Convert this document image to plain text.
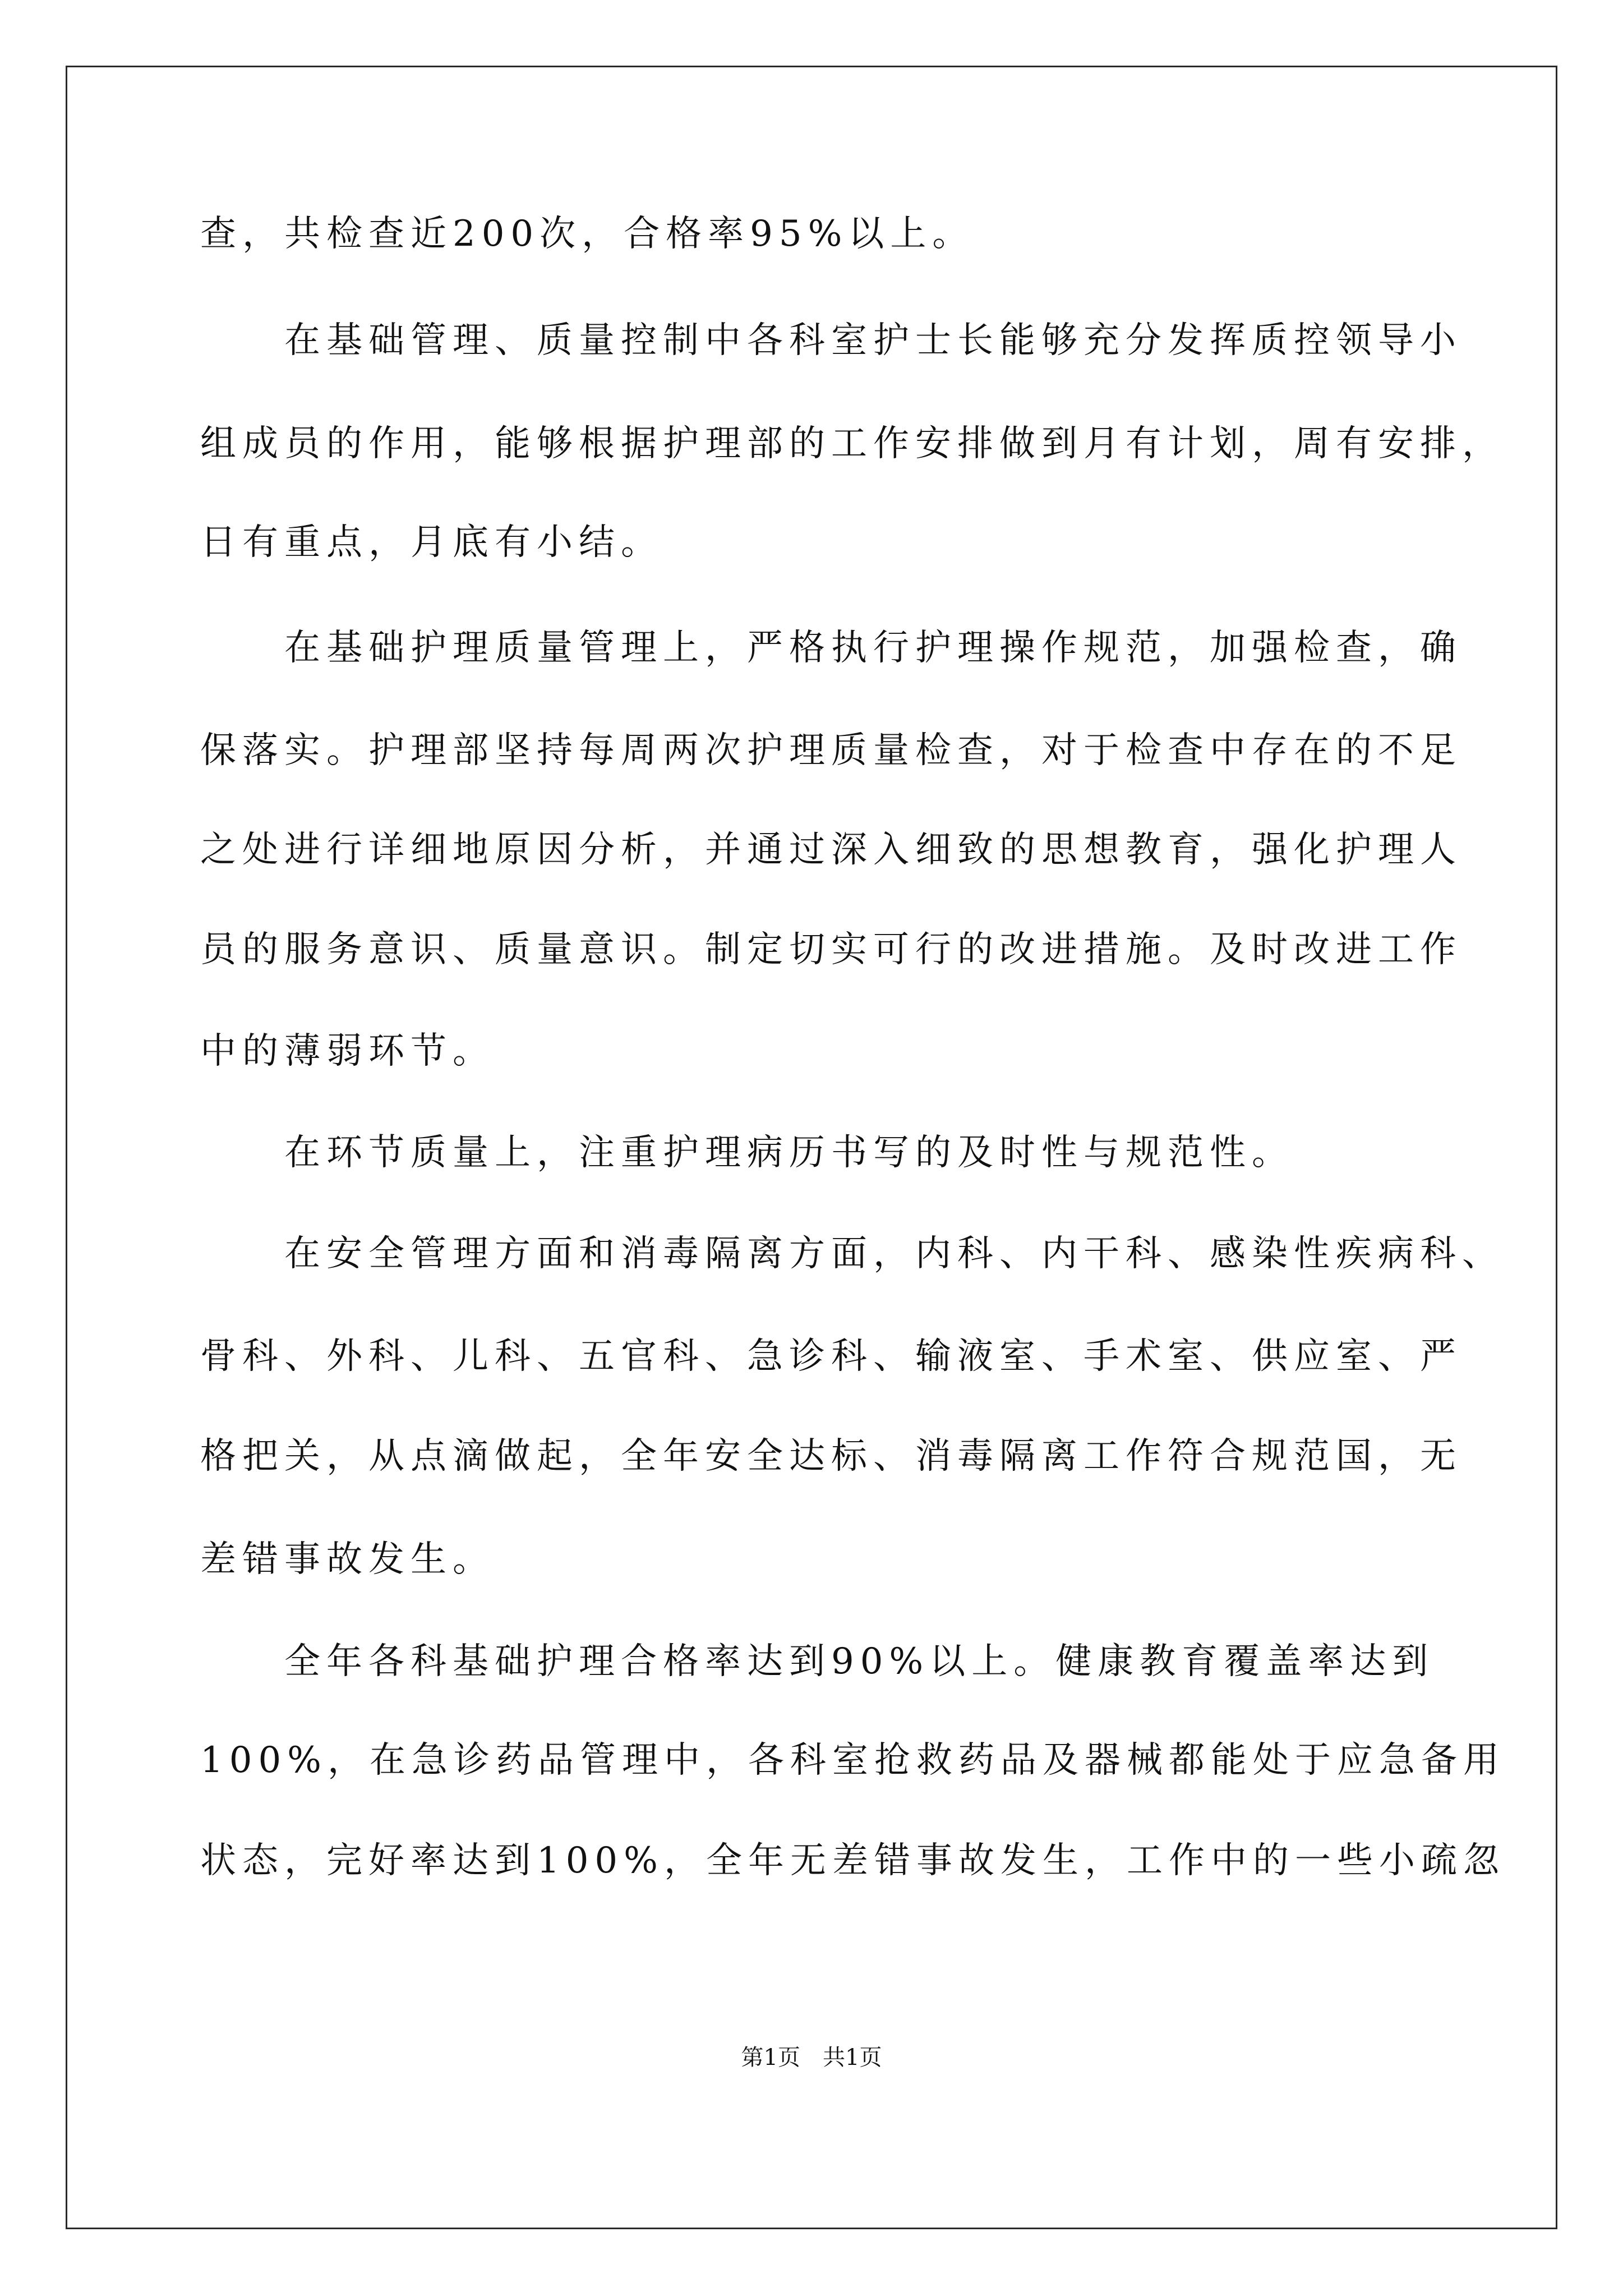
查，共检查近200次，合格率95%以上。
在基础管理、质量控制中各科室护士长能够充分发挥质控领导小
组成员的作用，能够根据护理部的工作安排做到月有计划，周有安排，
日有重点，月底有小结。
在基础护理质量管理上，严格执行护理操作规范，加强检查，确
保落实。护理部坚持每周两次护理质量检查，对于检查中存在的不足
之处进行详细地原因分析，并通过深入细致的思想教育，强化护理人
员的服务意识、质量意识。制定切实可行的改进措施。及时改进工作
中的薄弱环节。
在环节质量上，注重护理病历书写的及时性与规范性。
在安全管理方面和消毒隔离方面，内科、内干科、感染性疾病科、
骨科、外科、儿科、五官科、急诊科、输液室、手术室、供应室、严
格把关，从点滴做起，全年安全达标、消毒隔离工作符合规范国，无
差错事故发生。
全年各科基础护理合格率达到90%以上。健康教育覆盖率达到
100%，在急诊药品管理中，各科室抢救药品及器械都能处于应急备用
状态，完好率达到100%，全年无差错事故发生，工作中的一些小疏忽
第1页 共1页
